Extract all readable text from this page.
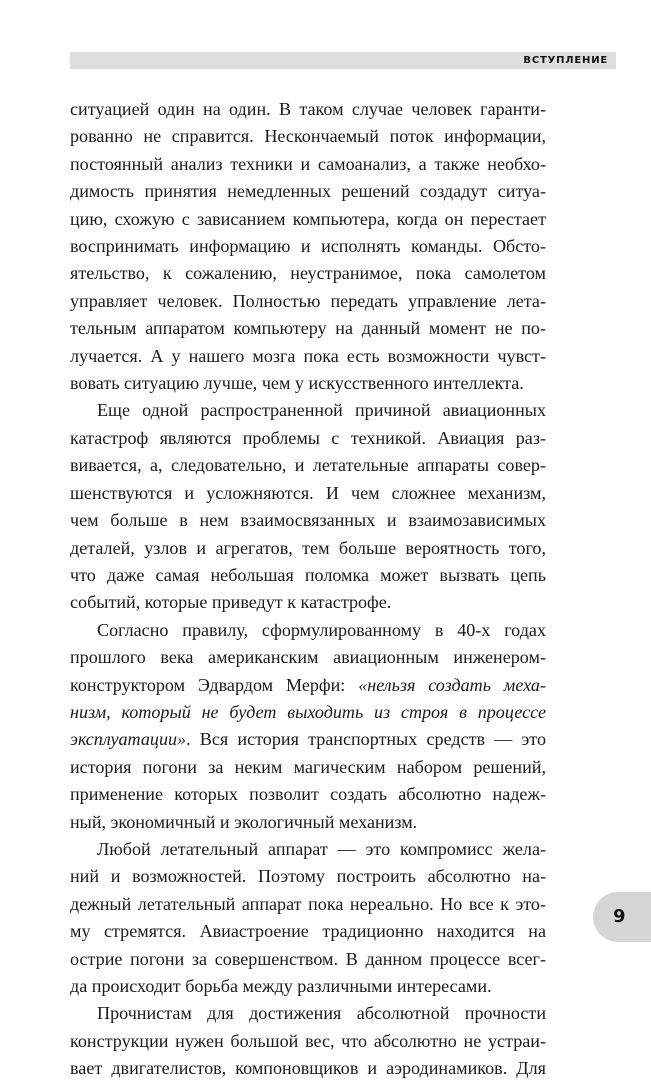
ВСТУПЛЕНИЕ
ситуацией один на один. В таком случае человек гаранти-
рованно не справится. Нескончаемый поток информации,
постоянный анализ техники и самоанализ, а также необхо-
димость принятия немедленных решений создадут ситуа-
цию, схожую с зависанием компьютера, когда он перестает
воспринимать информацию и исполнять команды. Обсто-
ятельство, к сожалению, неустранимое, пока самолетом
управляет человек. Полностью передать управление лета-
тельным аппаратом компьютеру на данный момент не по-
лучается. А у нашего мозга пока есть возможности чувст-
вовать ситуацию лучше, чем у искусственного интеллекта.
Еще одной распространенной причиной авиационных
катастроф являются проблемы с техникой. Авиация раз-
вивается, а, следовательно, и летательные аппараты совер-
шенствуются и усложняются. И чем сложнее механизм,
чем больше в нем взаимосвязанных и взаимозависимых
деталей, узлов и агрегатов, тем больше вероятность того,
что даже самая небольшая поломка может вызвать цепь
событий, которые приведут к катастрофе.
Согласно правилу, сформулированному в 40-х годах
прошлого века американским авиационным инженером-
конструктором Эдвардом Мерфи: «нельзя создать меха-
низм, который не будет выходить из строя в процессе
эксплуатации». Вся история транспортных средств — это
история погони за неким магическим набором решений,
применение которых позволит создать абсолютно надеж-
ный, экономичный и экологичный механизм.
Любой летательный аппарат — это компромисс жела-
ний и возможностей. Поэтому построить абсолютно на-
дежный летательный аппарат пока нереально. Но все к это-
му стремятся. Авиастроение традиционно находится на
острие погони за совершенством. В данном процессе всег-
да происходит борьба между различными интересами.
Прочнистам для достижения абсолютной прочности
конструкции нужен большой вес, что абсолютно не устраи-
вает двигателистов, компоновщиков и аэродинамиков. Для
9
